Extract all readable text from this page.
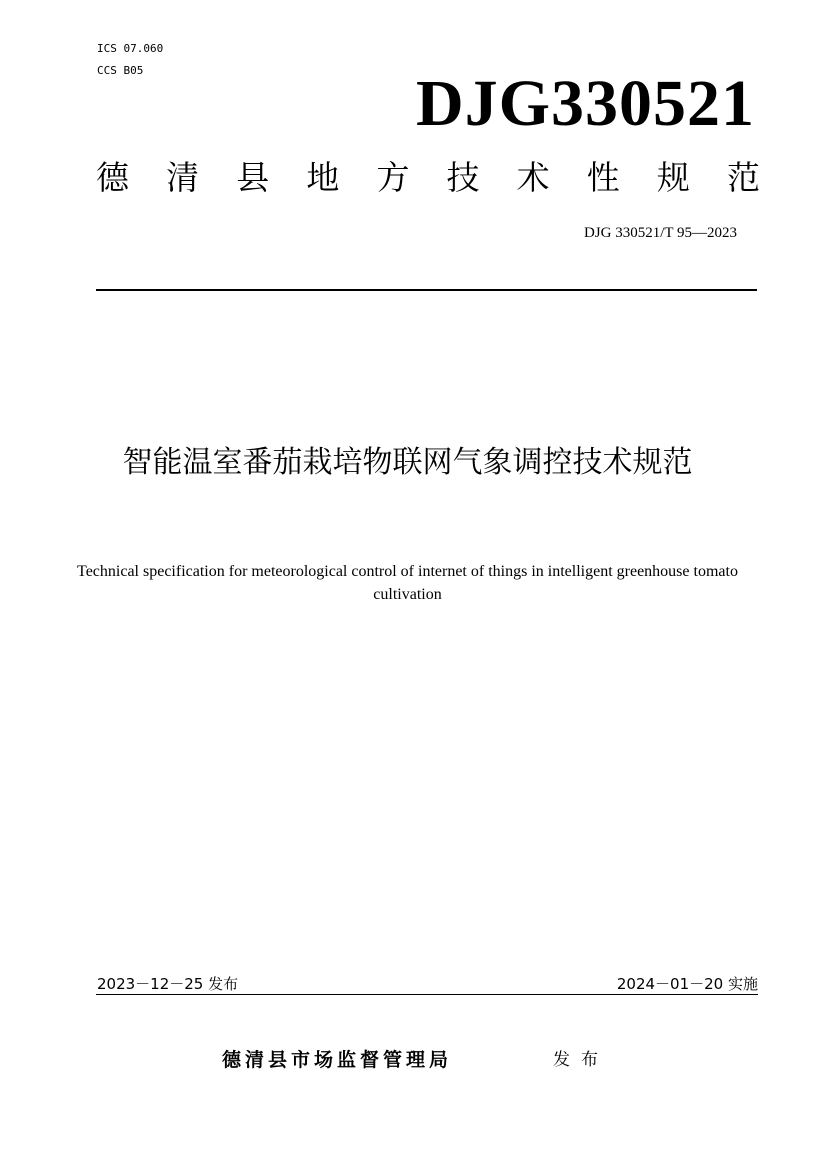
ICS 07.060
CCS B05	DJG330521
德 清 县 地 方 技 术 性 规 范
DJG 330521/T 95—2023
智能温室番茄栽培物联网气象调控技术规范
Technical specification for meteorological control of internet of things in intelligent greenhouse tomato cultivation
2023－12－25 发布	2024－01－20 实施
德清县市场监督管理局	发布
